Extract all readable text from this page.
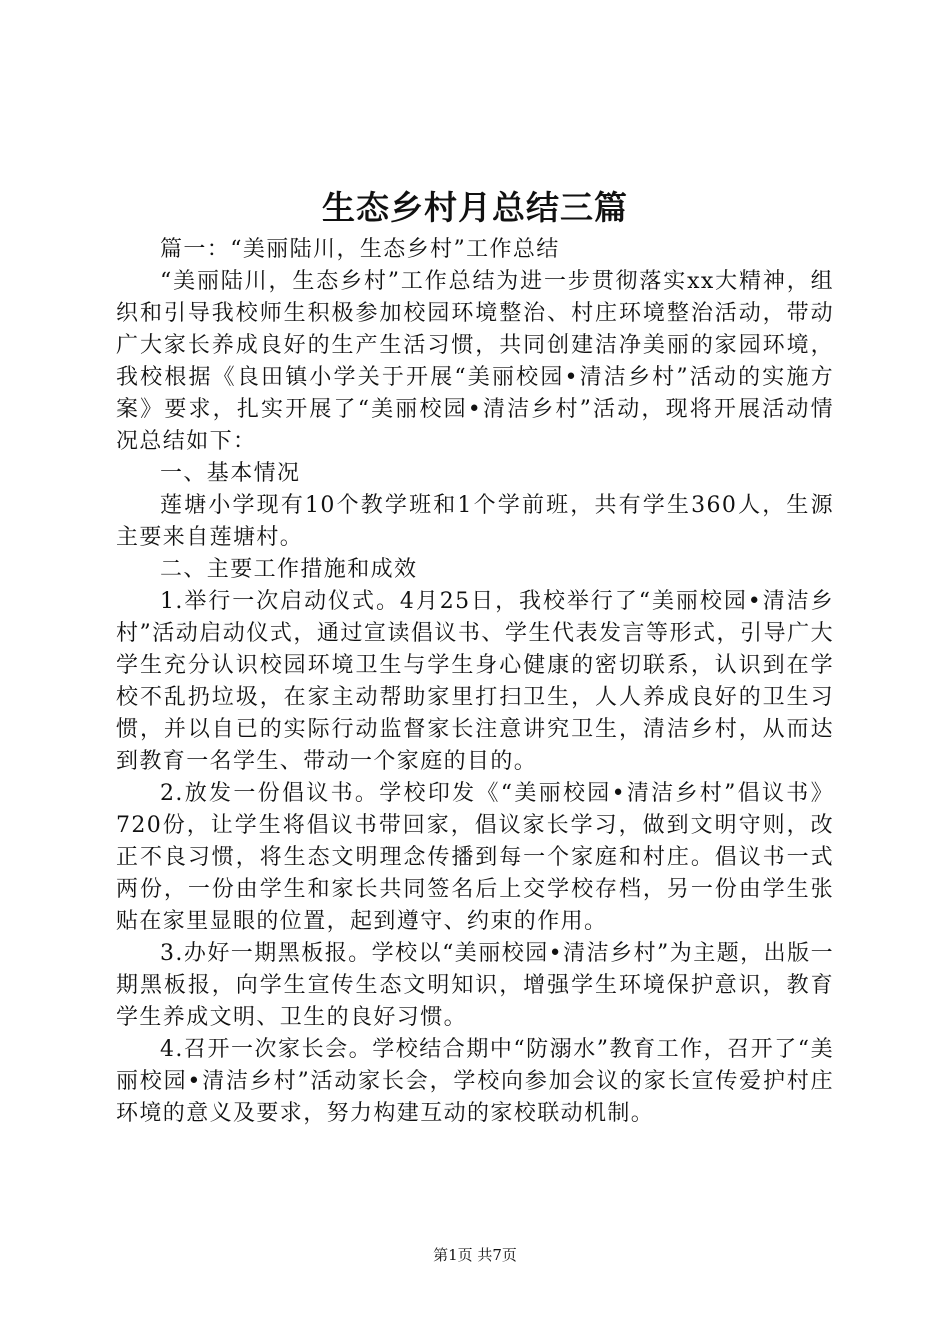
生态乡村月总结三篇

篇一：“美丽陆川，生态乡村”工作总结

“美丽陆川，生态乡村”工作总结为进一步贯彻落实xx大精神，组织和引导我校师生积极参加校园环境整治、村庄环境整治活动，带动广大家长养成良好的生产生活习惯，共同创建洁净美丽的家园环境，我校根据《良田镇小学关于开展“美丽校园•清洁乡村”活动的实施方案》要求，扎实开展了“美丽校园•清洁乡村”活动，现将开展活动情况总结如下：

一、基本情况

莲塘小学现有10个教学班和1个学前班，共有学生360人，生源主要来自莲塘村。

二、主要工作措施和成效

1.举行一次启动仪式。4月25日，我校举行了“美丽校园•清洁乡村”活动启动仪式，通过宣读倡议书、学生代表发言等形式，引导广大学生充分认识校园环境卫生与学生身心健康的密切联系，认识到在学校不乱扔垃圾，在家主动帮助家里打扫卫生，人人养成良好的卫生习惯，并以自已的实际行动监督家长注意讲究卫生，清洁乡村，从而达到教育一名学生、带动一个家庭的目的。

2.放发一份倡议书。学校印发《“美丽校园•清洁乡村”倡议书》720份，让学生将倡议书带回家，倡议家长学习，做到文明守则，改正不良习惯，将生态文明理念传播到每一个家庭和村庄。倡议书一式两份，一份由学生和家长共同签名后上交学校存档，另一份由学生张贴在家里显眼的位置，起到遵守、约束的作用。

3.办好一期黑板报。学校以“美丽校园•清洁乡村”为主题，出版一期黑板报，向学生宣传生态文明知识，增强学生环境保护意识，教育学生养成文明、卫生的良好习惯。

4.召开一次家长会。学校结合期中“防溺水”教育工作，召开了“美丽校园•清洁乡村”活动家长会，学校向参加会议的家长宣传爱护村庄环境的意义及要求，努力构建互动的家校联动机制。

第1页 共7页
